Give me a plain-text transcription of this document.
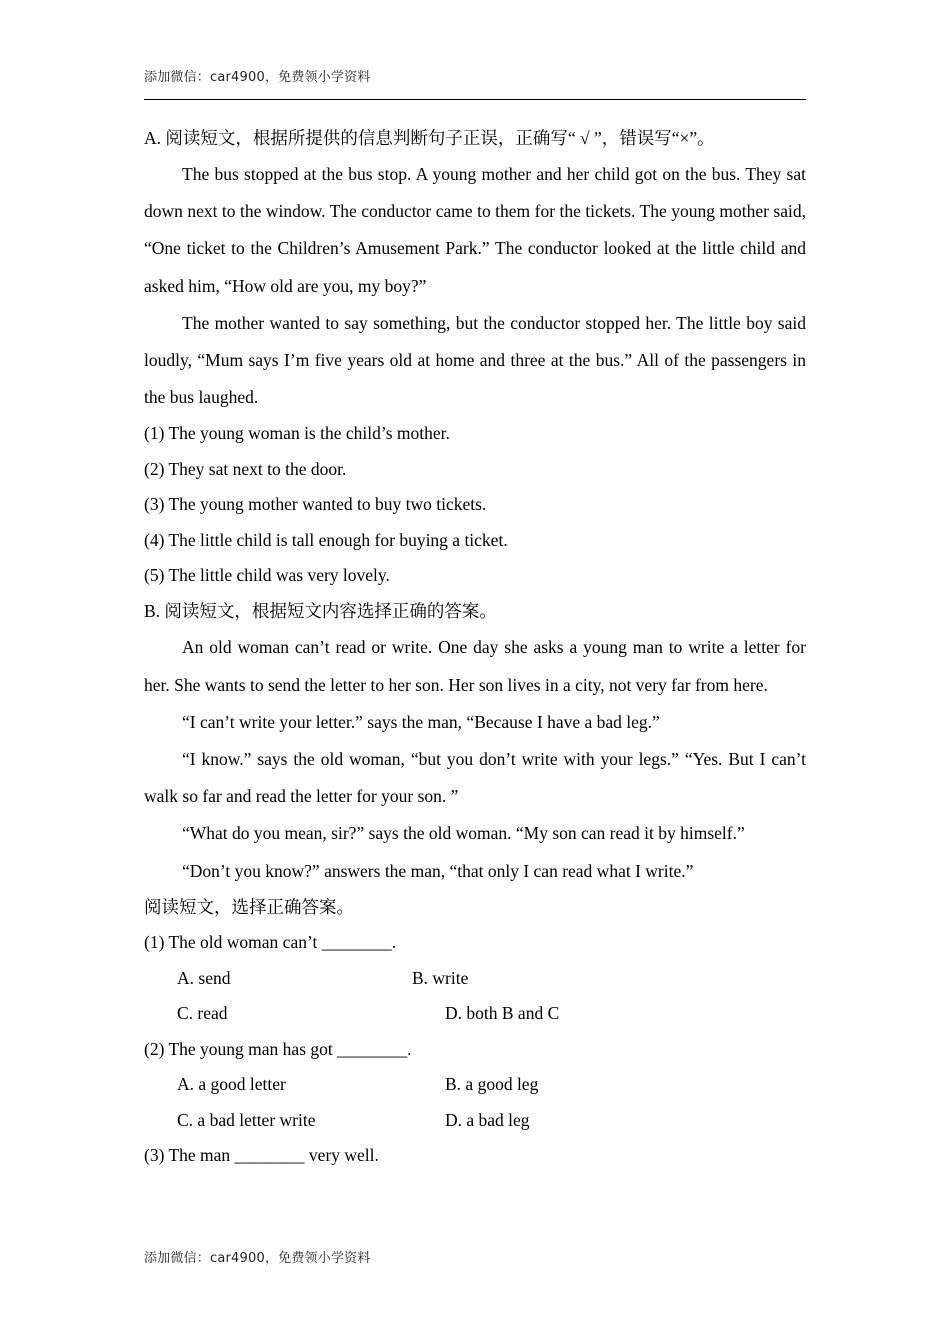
添加微信：car4900，免费领小学资料

A. 阅读短文，根据所提供的信息判断句子正误，正确写“ √ ”，错误写“×”。

The bus stopped at the bus stop. A young mother and her child got on the bus. They sat down next to the window. The conductor came to them for the tickets. The young mother said, “One ticket to the Children’s Amusement Park.” The conductor looked at the little child and asked him, “How old are you, my boy?”

The mother wanted to say something, but the conductor stopped her. The little boy said loudly, “Mum says I’m five years old at home and three at the bus.” All of the passengers in the bus laughed.

(1) The young woman is the child’s mother.

(2) They sat next to the door.

(3) The young mother wanted to buy two tickets.

(4) The little child is tall enough for buying a ticket.

(5) The little child was very lovely.

B. 阅读短文，根据短文内容选择正确的答案。

An old woman can’t read or write. One day she asks a young man to write a letter for her. She wants to send the letter to her son. Her son lives in a city, not very far from here.

“I can’t write your letter.” says the man, “Because I have a bad leg.”

“I know.” says the old woman, “but you don’t write with your legs.” “Yes. But I can’t walk so far and read the letter for your son. ”

“What do you mean, sir?” says the old woman. “My son can read it by himself.”

“Don’t you know?” answers the man, “that only I can read what I write.”

阅读短文，选择正确答案。

(1) The old woman can’t ________.

A. send	B. write
C. read	D. both B and C

(2) The young man has got ________.

A. a good letter	B. a good leg
C. a bad letter write	D. a bad leg

(3) The man ________ very well.

添加微信：car4900，免费领小学资料
